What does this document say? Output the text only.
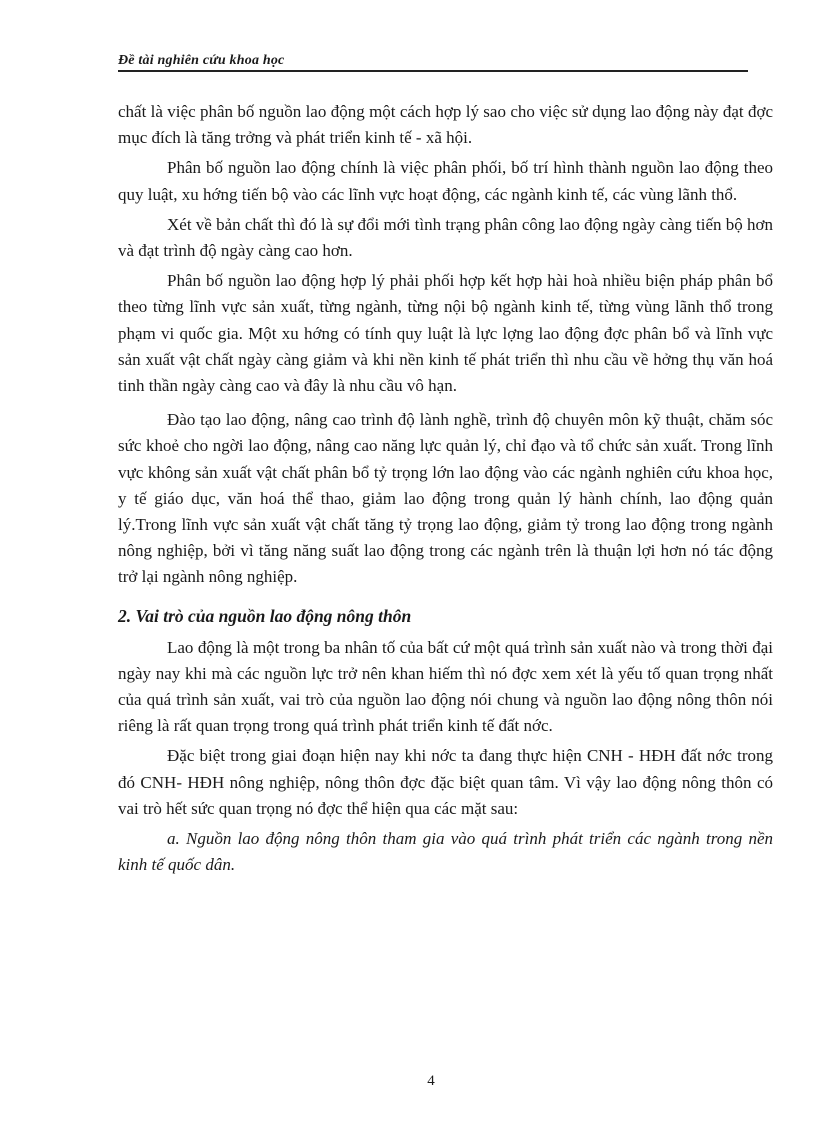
Đề tài nghiên cứu khoa học

chất là việc phân bố nguồn lao động một cách hợp lý sao cho việc sử dụng lao động này đạt đợc mục đích là tăng trởng và phát triển kinh tế - xã hội.

Phân bố nguồn lao động chính là việc phân phối, bố trí hình thành nguồn lao động theo quy luật, xu hớng tiến bộ vào các lĩnh vực hoạt động, các ngành kinh tế, các vùng lãnh thổ.

Xét về bản chất thì đó là sự đổi mới tình trạng phân công lao động ngày càng tiến bộ hơn và đạt trình độ ngày càng cao hơn.

Phân bố nguồn lao động hợp lý phải phối hợp kết hợp hài hoà nhiều biện pháp phân bổ theo từng lĩnh vực sản xuất, từng ngành, từng nội bộ ngành kinh tế, từng vùng lãnh thổ trong phạm vi quốc gia. Một xu hớng có tính quy luật là lực lợng lao động đợc phân bổ và lĩnh vực sản xuất vật chất ngày càng giảm và khi nền kinh tế phát triển thì nhu cầu về hởng thụ văn hoá tinh thần ngày càng cao và đây là nhu cầu vô hạn.

Đào tạo lao động, nâng cao trình độ lành nghề, trình độ chuyên môn kỹ thuật, chăm sóc sức khoẻ cho ngời lao động, nâng cao năng lực quản lý, chỉ đạo và tổ chức sản xuất. Trong lĩnh vực không sản xuất vật chất phân bổ tỷ trọng lớn lao động vào các ngành nghiên cứu khoa học, y tế giáo dục, văn hoá thể thao, giảm lao động trong quản lý hành chính, lao động quản lý.Trong lĩnh vực sản xuất vật chất tăng tỷ trọng lao động, giảm tỷ trong lao động trong ngành nông nghiệp, bởi vì tăng năng suất lao động trong các ngành trên là thuận lợi hơn nó tác động trở lại ngành nông nghiệp.

2. Vai trò của nguồn lao động nông thôn

Lao động là một trong ba nhân tố của bất cứ một quá trình sản xuất nào và trong thời đại ngày nay khi mà các nguồn lực trở nên khan hiếm thì nó đợc xem xét là yếu tố quan trọng nhất của quá trình sản xuất, vai trò của nguồn lao động nói chung và nguồn lao động nông thôn nói riêng là rất quan trọng trong quá trình phát triển kinh tế đất nớc.

Đặc biệt trong giai đoạn hiện nay khi nớc ta đang thực hiện CNH - HĐH đất nớc trong đó CNH- HĐH nông nghiệp, nông thôn đợc đặc biệt quan tâm. Vì vậy lao động nông thôn có vai trò hết sức quan trọng nó đợc thể hiện qua các mặt sau:

a. Nguồn lao động nông thôn tham gia vào quá trình phát triển các ngành trong nền kinh tế quốc dân.

4
